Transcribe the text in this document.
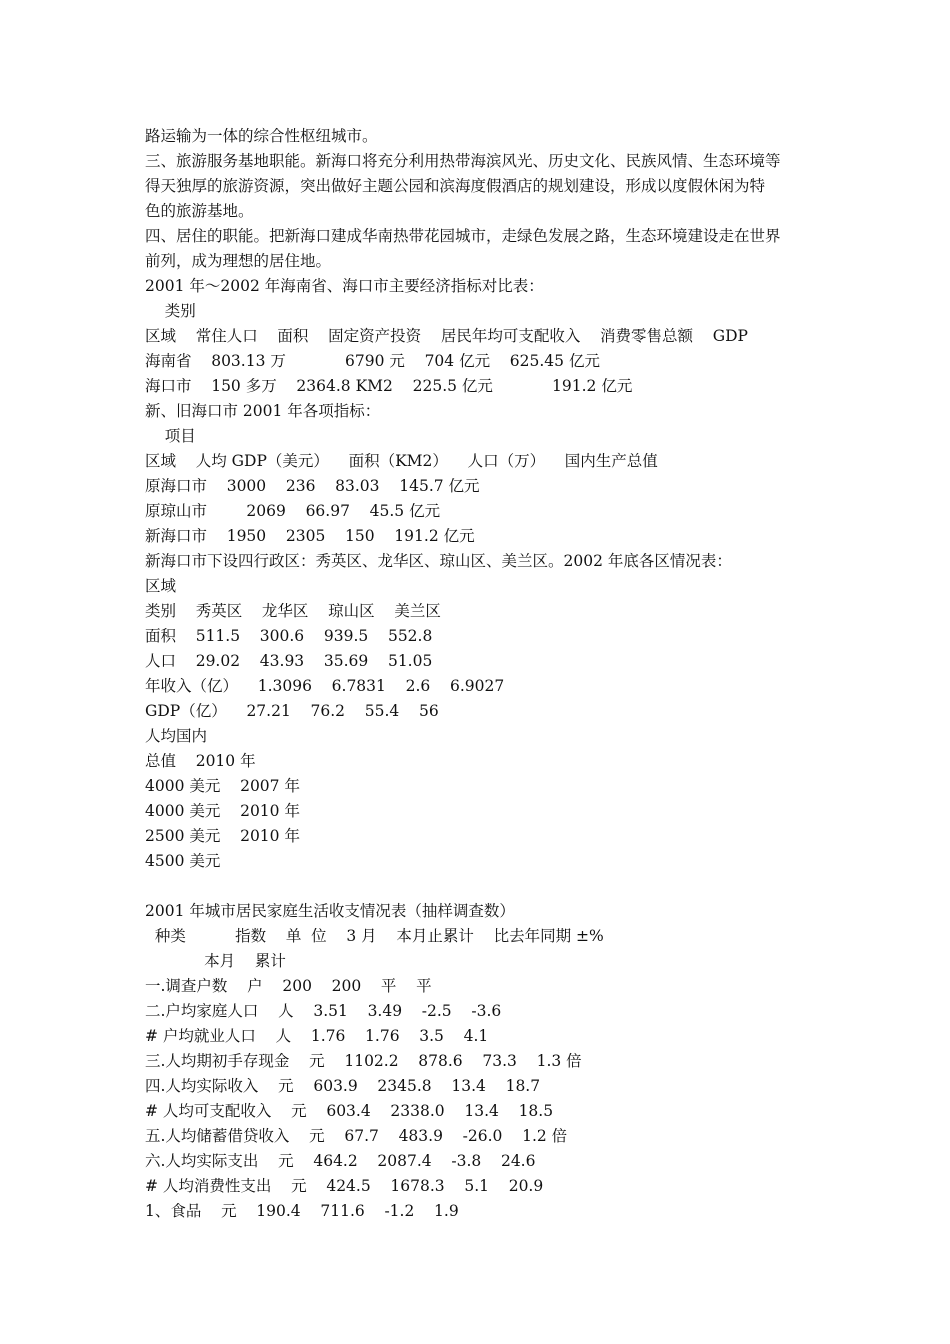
路运输为一体的综合性枢纽城市。
三、旅游服务基地职能。新海口将充分利用热带海滨风光、历史文化、民族风情、生态环境等
得天独厚的旅游资源，突出做好主题公园和滨海度假酒店的规划建设，形成以度假休闲为特
色的旅游基地。
四、居住的职能。把新海口建成华南热带花园城市，走绿色发展之路，生态环境建设走在世界
前列，成为理想的居住地。
2001 年～2002 年海南省、海口市主要经济指标对比表：
类别
区域    常住人口    面积    固定资产投资    居民年均可支配收入    消费零售总额    GDP
海南省    803.13 万            6790 元    704 亿元    625.45 亿元
海口市    150 多万    2364.8 KM2    225.5 亿元            191.2 亿元
新、旧海口市 2001 年各项指标：
项目
区域    人均 GDP（美元）    面积（KM2）    人口（万）    国内生产总值
原海口市    3000    236    83.03    145.7 亿元
原琼山市        2069    66.97    45.5 亿元
新海口市    1950    2305    150    191.2 亿元
新海口市下设四行政区：秀英区、龙华区、琼山区、美兰区。2002 年底各区情况表：
区域
类别    秀英区    龙华区    琼山区    美兰区
面积    511.5    300.6    939.5    552.8
人口    29.02    43.93    35.69    51.05
年收入（亿）    1.3096    6.7831    2.6    6.9027
GDP（亿）    27.21    76.2    55.4    56
人均国内
总值    2010 年
4000 美元    2007 年
4000 美元    2010 年
2500 美元    2010 年
4500 美元
2001 年城市居民家庭生活收支情况表（抽样调查数）
种类          指数    单  位    3 月    本月止累计    比去年同期 ±%
本月    累计
一.调查户数    户    200    200    平    平
二.户均家庭人口    人    3.51    3.49    -2.5    -3.6
# 户均就业人口    人    1.76    1.76    3.5    4.1
三.人均期初手存现金    元    1102.2    878.6    73.3    1.3 倍
四.人均实际收入    元    603.9    2345.8    13.4    18.7
# 人均可支配收入    元    603.4    2338.0    13.4    18.5
五.人均储蓄借贷收入    元    67.7    483.9    -26.0    1.2 倍
六.人均实际支出    元    464.2    2087.4    -3.8    24.6
# 人均消费性支出    元    424.5    1678.3    5.1    20.9
1、食品    元    190.4    711.6    -1.2    1.9
